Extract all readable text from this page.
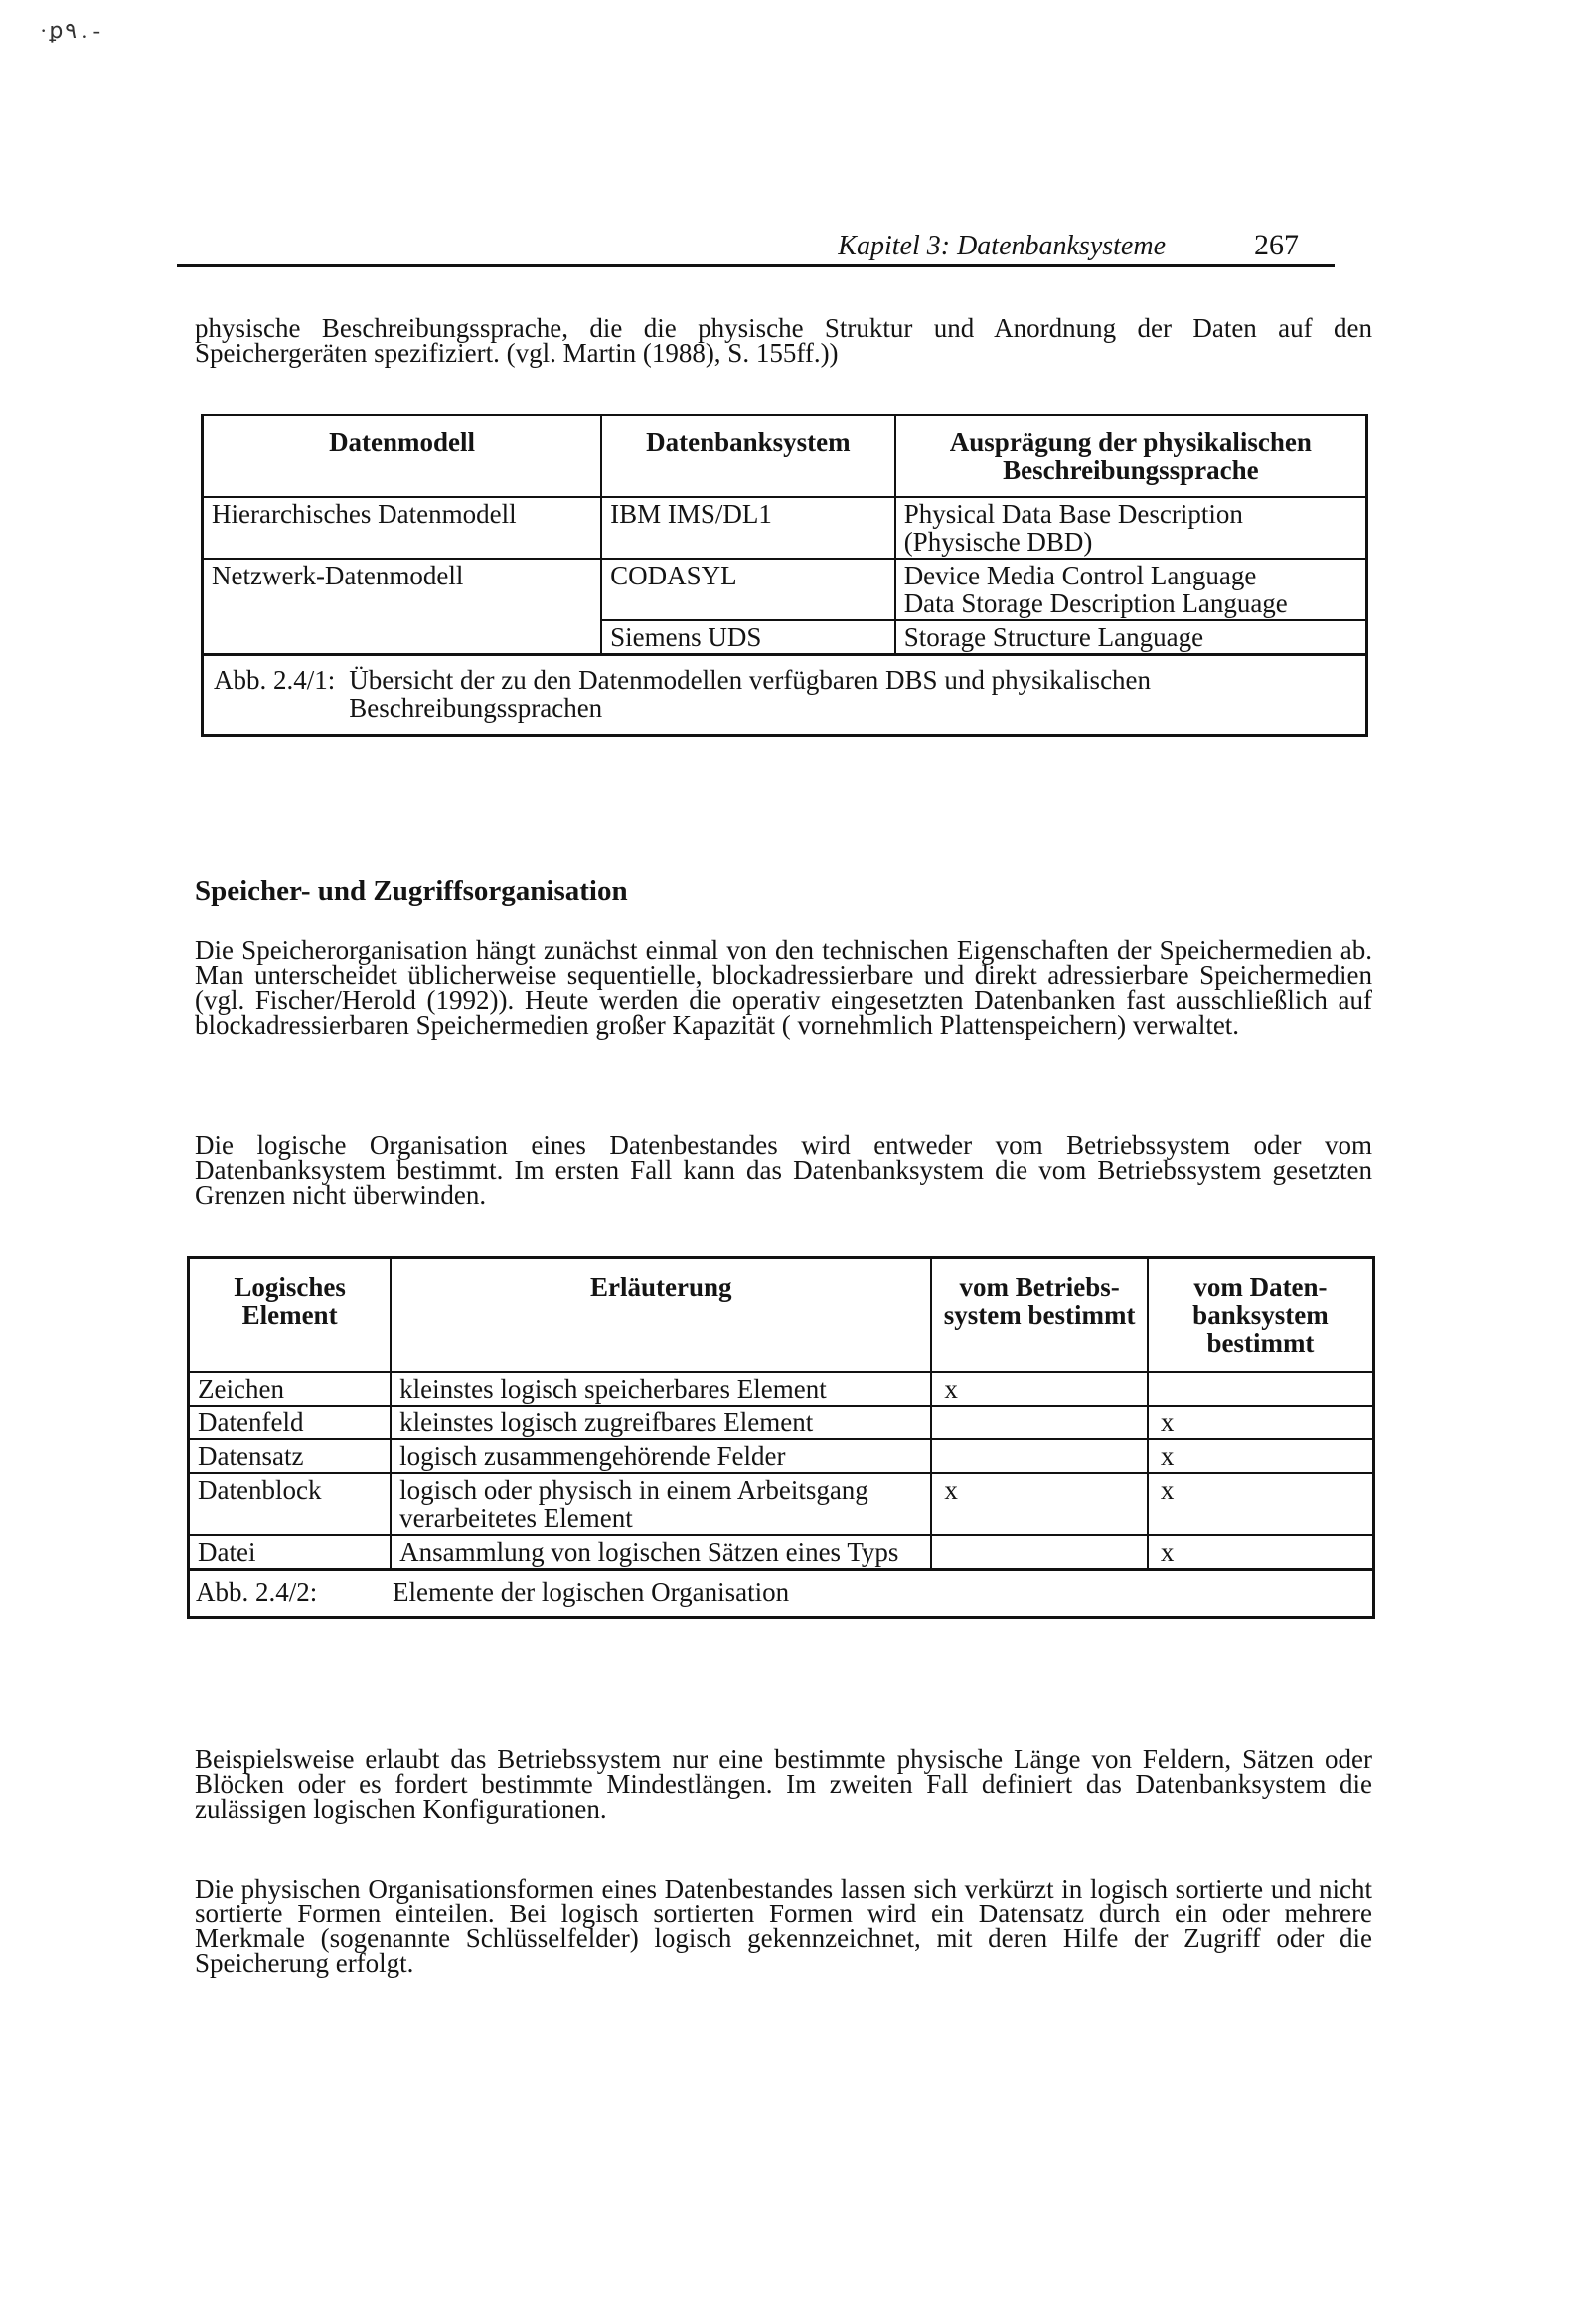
·ꝑ۹ . -
Kapitel 3: Datenbanksysteme	267
physische Beschreibungssprache, die die physische Struktur und Anordnung der Daten auf den Speichergeräten spezifiziert. (vgl. Martin (1988), S. 155ff.))
Datenmodell	Datenbanksystem	Ausprägung der physikalischen Beschreibungssprache
Hierarchisches Datenmodell	IBM IMS/DL1	Physical Data Base Description
(Physische DBD)

Netzwerk-Datenmodell	CODASYL	Device Media Control Language
Data Storage Description Language

	Siemens UDS	Storage Structure Language

Abb. 2.4/1: Übersicht der zu den Datenmodellen verfügbaren DBS und physikalischen Beschreibungssprachen		
Speicher- und Zugriffsorganisation
Die Speicherorganisation hängt zunächst einmal von den technischen Eigenschaften der Speichermedien ab. Man unterscheidet üblicherweise sequentielle, blockadressierbare und direkt adressierbare Speichermedien (vgl. Fischer/Herold (1992)). Heute werden die operativ eingesetzten Datenbanken fast ausschließlich auf blockadressierbaren Speichermedien großer Kapazität ( vornehmlich Plattenspeichern) verwaltet.
Die logische Organisation eines Datenbestandes wird entweder vom Betriebssystem oder vom Datenbanksystem bestimmt. Im ersten Fall kann das Datenbanksystem die vom Betriebssystem gesetzten Grenzen nicht überwinden.
Logisches Element	Erläuterung	vom Betriebs-system bestimmt	vom Daten-banksystem bestimmt
Zeichen	kleinstes logisch speicherbares Element	x	
Datenfeld	kleinstes logisch zugreifbares Element		x
Datensatz	logisch zusammengehörende Felder		x
Datenblock	logisch oder physisch in einem Arbeitsgang verarbeitetes Element	x	x
Datei	Ansammlung von logischen Sätzen eines Typs		x
Abb. 2.4/2: Elemente der logischen Organisation			
Beispielsweise erlaubt das Betriebssystem nur eine bestimmte physische Länge von Feldern, Sätzen oder Blöcken oder es fordert bestimmte Mindestlängen. Im zweiten Fall definiert das Datenbanksystem die zulässigen logischen Konfigurationen.
Die physischen Organisationsformen eines Datenbestandes lassen sich verkürzt in logisch sortierte und nicht sortierte Formen einteilen. Bei logisch sortierten Formen wird ein Datensatz durch ein oder mehrere Merkmale (sogenannte Schlüsselfelder) logisch gekennzeichnet, mit deren Hilfe der Zugriff oder die Speicherung erfolgt.
